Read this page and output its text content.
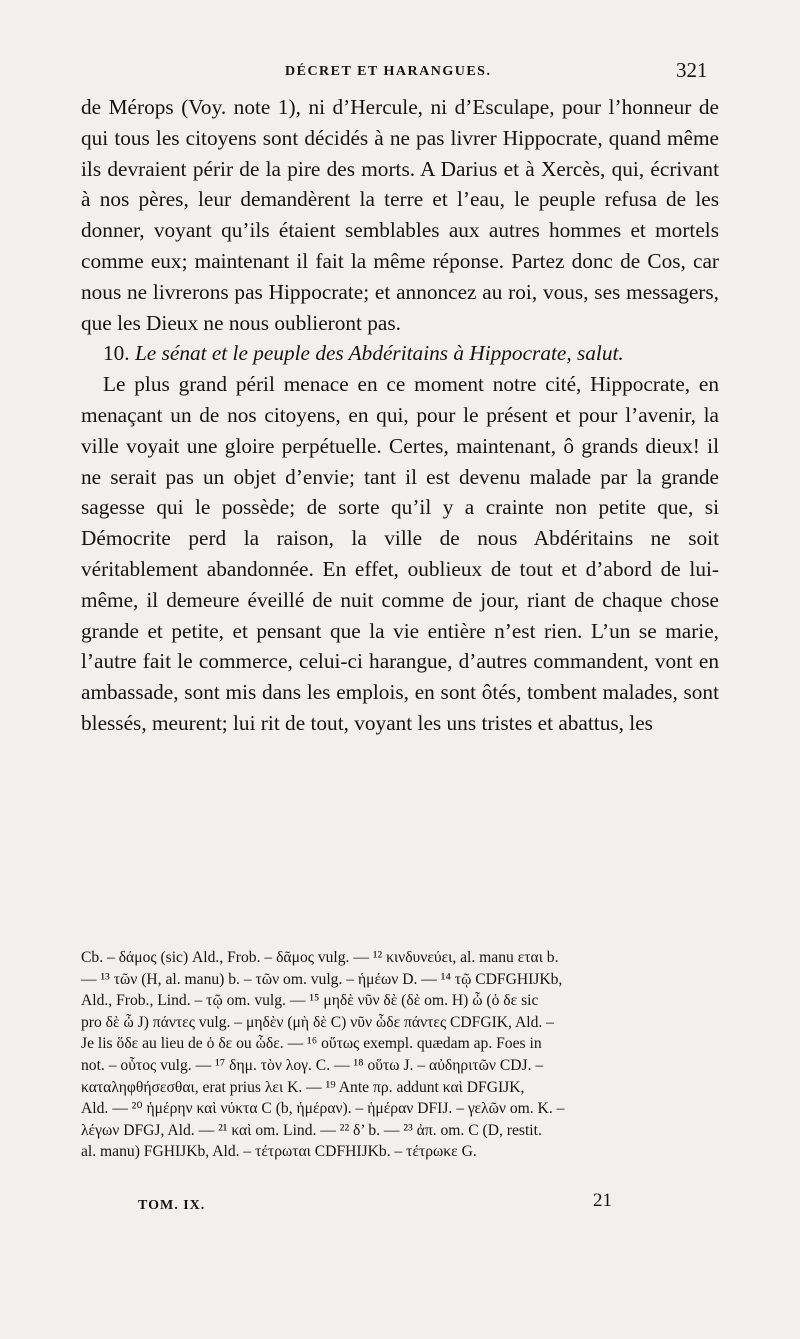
DÉCRET ET HARANGUES.	321

de Mérops (Voy. note 1), ni d’Hercule, ni d’Esculape, pour l’honneur de qui tous les citoyens sont décidés à ne pas livrer Hippocrate, quand même ils devraient périr de la pire des morts. A Darius et à Xercès, qui, écrivant à nos pères, leur demandèrent la terre et l’eau, le peuple refusa de les donner, voyant qu’ils étaient semblables aux autres hommes et mortels comme eux; maintenant il fait la même réponse. Partez donc de Cos, car nous ne livrerons pas Hippocrate; et annoncez au roi, vous, ses messagers, que les Dieux ne nous oublieront pas.

10. Le sénat et le peuple des Abdéritains à Hippocrate, salut.

Le plus grand péril menace en ce moment notre cité, Hippocrate, en menaçant un de nos citoyens, en qui, pour le présent et pour l’avenir, la ville voyait une gloire perpétuelle. Certes, maintenant, ô grands dieux! il ne serait pas un objet d’envie; tant il est devenu malade par la grande sagesse qui le possède; de sorte qu’il y a crainte non petite que, si Démocrite perd la raison, la ville de nous Abdéritains ne soit véritablement abandonnée. En effet, oublieux de tout et d’abord de lui-même, il demeure éveillé de nuit comme de jour, riant de chaque chose grande et petite, et pensant que la vie entière n’est rien. L’un se marie, l’autre fait le commerce, celui-ci harangue, d’autres commandent, vont en ambassade, sont mis dans les emplois, en sont ôtés, tombent malades, sont blessés, meurent; lui rit de tout, voyant les uns tristes et abattus, les

Cb. – δάμος (sic) Ald., Frob. – δᾶμος vulg. — ¹² κινδυνεύει, al. manu εται b.

— ¹³ τῶν (H, al. manu) b. – τῶν om. vulg. – ἡμέων D. — ¹⁴ τῷ CDFGHIJKb,

Ald., Frob., Lind. – τῷ om. vulg. — ¹⁵ μηδὲ νῦν δὲ (δὲ om. H) ὦ (ὁ δε sic

pro δὲ ὦ J) πάντες vulg. – μηδὲν (μὴ δὲ C) νῦν ὧδε πάντες CDFGIK, Ald. –

Je lis ὅδε au lieu de ὁ δε ou ὧδε. — ¹⁶ οὕτως exempl. quædam ap. Foes in

not. – οὗτος vulg. — ¹⁷ δημ. τὸν λογ. C. — ¹⁸ οὕτω J. – αὐδηριτῶν CDJ. –

καταληφθήσεσθαι, erat prius λει K. — ¹⁹ Ante πρ. addunt καὶ DFGIJK,

Ald. — ²⁰ ἡμέρην καὶ νύκτα C (b, ἡμέραν). – ἡμέραν DFIJ. – γελῶν om. K. –

λέγων DFGJ, Ald. — ²¹ καὶ om. Lind. — ²² δ’ b. — ²³ ἀπ. om. C (D, restit.

al. manu) FGHIJKb, Ald. – τέτρωται CDFHIJKb. – τέτρωκε G.

TOM. IX.	21
